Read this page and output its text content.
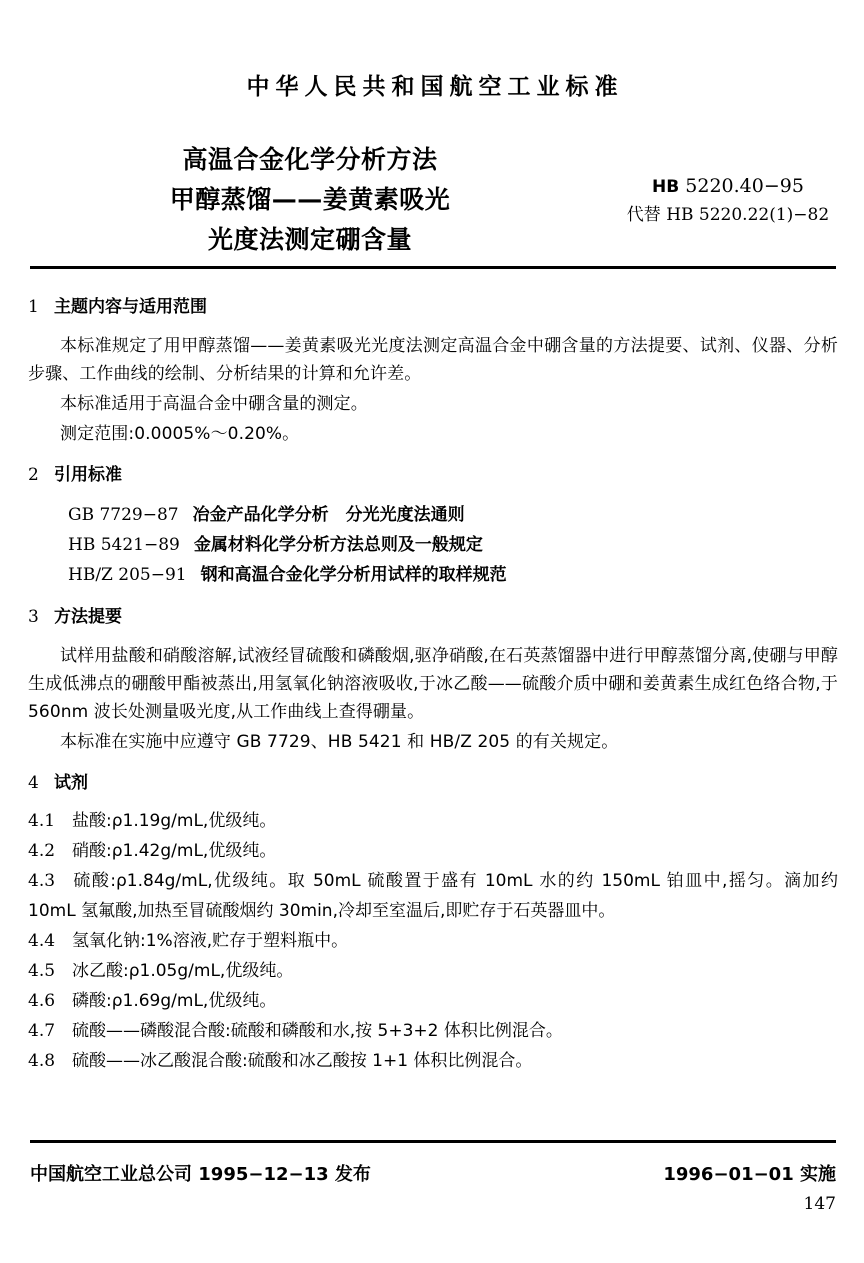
中华人民共和国航空工业标准
高温合金化学分析方法
甲醇蒸馏——姜黄素吸光
光度法测定硼含量
HB 5220.40−95
代替 HB 5220.22(1)−82
1 主题内容与适用范围

本标准规定了用甲醇蒸馏——姜黄素吸光光度法测定高温合金中硼含量的方法提要、试剂、仪器、分析步骤、工作曲线的绘制、分析结果的计算和允许差。

本标准适用于高温合金中硼含量的测定。

测定范围:0.0005%～0.20%。

2 引用标准
GB 7729−87 冶金产品化学分析　分光光度法通则
HB 5421−89 金属材料化学分析方法总则及一般规定
HB/Z 205−91 钢和高温合金化学分析用试样的取样规范
3 方法提要

试样用盐酸和硝酸溶解,试液经冒硫酸和磷酸烟,驱净硝酸,在石英蒸馏器中进行甲醇蒸馏分离,使硼与甲醇生成低沸点的硼酸甲酯被蒸出,用氢氧化钠溶液吸收,于冰乙酸——硫酸介质中硼和姜黄素生成红色络合物,于 560nm 波长处测量吸光度,从工作曲线上查得硼量。

本标准在实施中应遵守 GB 7729、HB 5421 和 HB/Z 205 的有关规定。

4 试剂

4.1 盐酸:ρ1.19g/mL,优级纯。

4.2 硝酸:ρ1.42g/mL,优级纯。

4.3 硫酸:ρ1.84g/mL,优级纯。取 50mL 硫酸置于盛有 10mL 水的约 150mL 铂皿中,摇匀。滴加约 10mL 氢氟酸,加热至冒硫酸烟约 30min,冷却至室温后,即贮存于石英器皿中。

4.4 氢氧化钠:1%溶液,贮存于塑料瓶中。

4.5 冰乙酸:ρ1.05g/mL,优级纯。

4.6 磷酸:ρ1.69g/mL,优级纯。

4.7 硫酸——磷酸混合酸:硫酸和磷酸和水,按 5+3+2 体积比例混合。

4.8 硫酸——冰乙酸混合酸:硫酸和冰乙酸按 1+1 体积比例混合。

中国航空工业总公司 1995−12−13 发布	1996−01−01 实施
147
